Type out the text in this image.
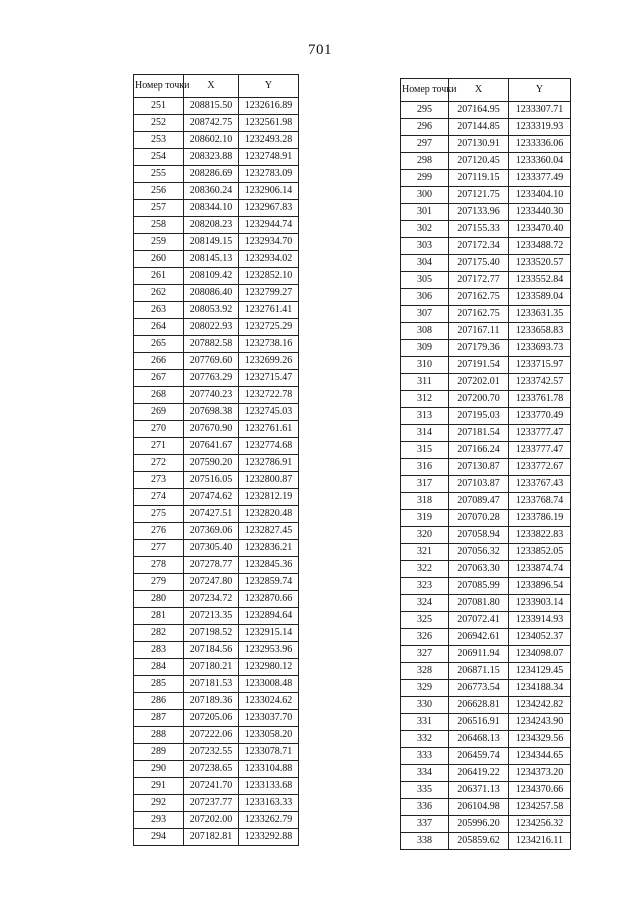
701
Номер точки	X	Y
251	208815.50	1232616.89
252	208742.75	1232561.98
253	208602.10	1232493.28
254	208323.88	1232748.91
255	208286.69	1232783.09
256	208360.24	1232906.14
257	208344.10	1232967.83
258	208208.23	1232944.74
259	208149.15	1232934.70
260	208145.13	1232934.02
261	208109.42	1232852.10
262	208086.40	1232799.27
263	208053.92	1232761.41
264	208022.93	1232725.29
265	207882.58	1232738.16
266	207769.60	1232699.26
267	207763.29	1232715.47
268	207740.23	1232722.78
269	207698.38	1232745.03
270	207670.90	1232761.61
271	207641.67	1232774.68
272	207590.20	1232786.91
273	207516.05	1232800.87
274	207474.62	1232812.19
275	207427.51	1232820.48
276	207369.06	1232827.45
277	207305.40	1232836.21
278	207278.77	1232845.36
279	207247.80	1232859.74
280	207234.72	1232870.66
281	207213.35	1232894.64
282	207198.52	1232915.14
283	207184.56	1232953.96
284	207180.21	1232980.12
285	207181.53	1233008.48
286	207189.36	1233024.62
287	207205.06	1233037.70
288	207222.06	1233058.20
289	207232.55	1233078.71
290	207238.65	1233104.88
291	207241.70	1233133.68
292	207237.77	1233163.33
293	207202.00	1233262.79
294	207182.81	1233292.88
Номер точки	X	Y
295	207164.95	1233307.71
296	207144.85	1233319.93
297	207130.91	1233336.06
298	207120.45	1233360.04
299	207119.15	1233377.49
300	207121.75	1233404.10
301	207133.96	1233440.30
302	207155.33	1233470.40
303	207172.34	1233488.72
304	207175.40	1233520.57
305	207172.77	1233552.84
306	207162.75	1233589.04
307	207162.75	1233631.35
308	207167.11	1233658.83
309	207179.36	1233693.73
310	207191.54	1233715.97
311	207202.01	1233742.57
312	207200.70	1233761.78
313	207195.03	1233770.49
314	207181.54	1233777.47
315	207166.24	1233777.47
316	207130.87	1233772.67
317	207103.87	1233767.43
318	207089.47	1233768.74
319	207070.28	1233786.19
320	207058.94	1233822.83
321	207056.32	1233852.05
322	207063.30	1233874.74
323	207085.99	1233896.54
324	207081.80	1233903.14
325	207072.41	1233914.93
326	206942.61	1234052.37
327	206911.94	1234098.07
328	206871.15	1234129.45
329	206773.54	1234188.34
330	206628.81	1234242.82
331	206516.91	1234243.90
332	206468.13	1234329.56
333	206459.74	1234344.65
334	206419.22	1234373.20
335	206371.13	1234370.66
336	206104.98	1234257.58
337	205996.20	1234256.32
338	205859.62	1234216.11
